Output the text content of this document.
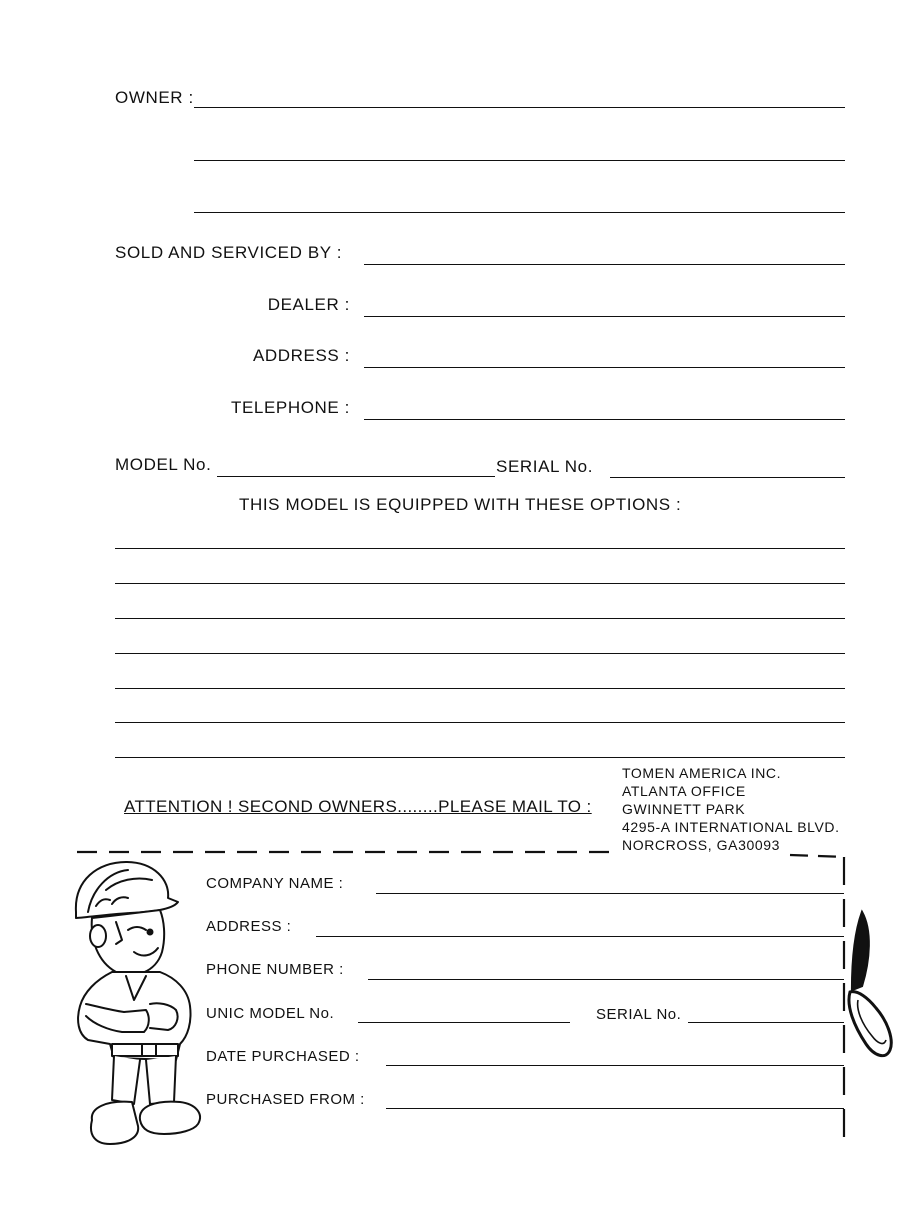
OWNER :
SOLD AND SERVICED BY :
DEALER :
ADDRESS :
TELEPHONE :
MODEL No.	SERIAL No.
THIS MODEL IS EQUIPPED WITH THESE OPTIONS :
ATTENTION ! SECOND OWNERS........PLEASE MAIL TO :
TOMEN AMERICA INC.
ATLANTA OFFICE
GWINNETT PARK
4295-A INTERNATIONAL BLVD.
NORCROSS, GA30093
COMPANY NAME :
ADDRESS :
PHONE NUMBER :
UNIC MODEL No.	SERIAL No.
DATE PURCHASED :
PURCHASED FROM :
